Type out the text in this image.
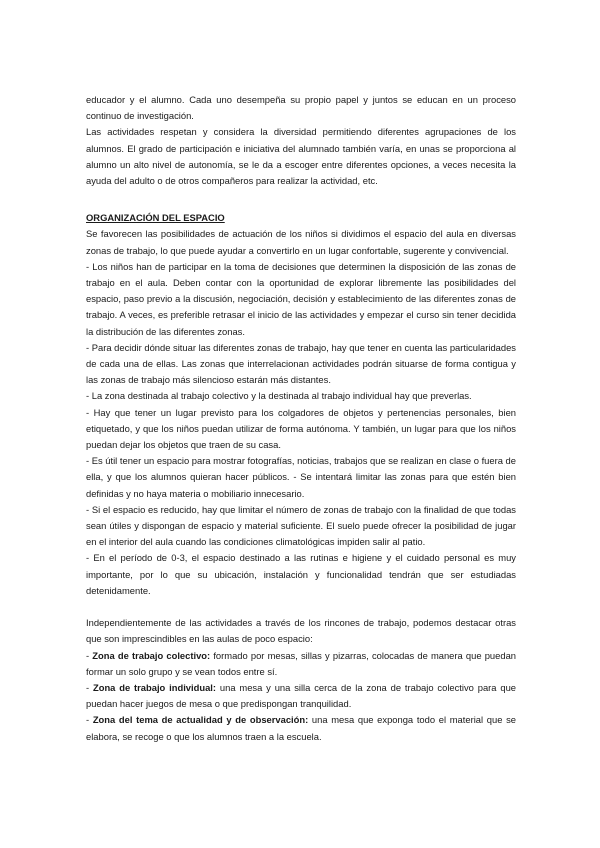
educador y el alumno. Cada uno desempeña su propio papel y juntos se educan en un proceso continuo de investigación.

Las actividades respetan y considera la diversidad permitiendo diferentes agrupaciones de los alumnos. El grado de participación e iniciativa del alumnado también varía, en unas se proporciona al alumno un alto nivel de autonomía, se le da a escoger entre diferentes opciones, a veces necesita la ayuda del adulto o de otros compañeros para realizar la actividad, etc.

ORGANIZACIÓN DEL ESPACIO

Se favorecen las posibilidades de actuación de los niños si dividimos el espacio del aula en diversas zonas de trabajo, lo que puede ayudar a convertirlo en un lugar confortable, sugerente y convivencial.

- Los niños han de participar en la toma de decisiones que determinen la disposición de las zonas de trabajo en el aula. Deben contar con la oportunidad de explorar libremente las posibilidades del espacio, paso previo a la discusión, negociación, decisión y establecimiento de las diferentes zonas de trabajo. A veces, es preferible retrasar el inicio de las actividades y empezar el curso sin tener decidida la distribución de las diferentes zonas.

- Para decidir dónde situar las diferentes zonas de trabajo, hay que tener en cuenta las particularidades de cada una de ellas. Las zonas que interrelacionan actividades podrán situarse de forma contigua y las zonas de trabajo más silencioso estarán más distantes.

- La zona destinada al trabajo colectivo y la destinada al trabajo individual hay que preverlas.

- Hay que tener un lugar previsto para los colgadores de objetos y pertenencias personales, bien etiquetado, y que los niños puedan utilizar de forma autónoma. Y también, un lugar para que los niños puedan dejar los objetos que traen de su casa.

- Es útil tener un espacio para mostrar fotografías, noticias, trabajos que se realizan en clase o fuera de ella, y que los alumnos quieran hacer públicos. - Se intentará limitar las zonas para que estén bien definidas y no haya materia o mobiliario innecesario.

- Si el espacio es reducido, hay que limitar el número de zonas de trabajo con la finalidad de que todas sean útiles y dispongan de espacio y material suficiente. El suelo puede ofrecer la posibilidad de jugar en el interior del aula cuando las condiciones climatológicas impiden salir al patio.

- En el período de 0-3, el espacio destinado a las rutinas e higiene y el cuidado personal es muy importante, por lo que su ubicación, instalación y funcionalidad tendrán que ser estudiadas detenidamente.

Independientemente de las actividades a través de los rincones de trabajo, podemos destacar otras que son imprescindibles en las aulas de poco espacio:

- Zona de trabajo colectivo: formado por mesas, sillas y pizarras, colocadas de manera que puedan formar un solo grupo y se vean todos entre sí.

- Zona de trabajo individual: una mesa y una silla cerca de la zona de trabajo colectivo para que puedan hacer juegos de mesa o que predispongan tranquilidad.

- Zona del tema de actualidad y de observación: una mesa que exponga todo el material que se elabora, se recoge o que los alumnos traen a la escuela.
